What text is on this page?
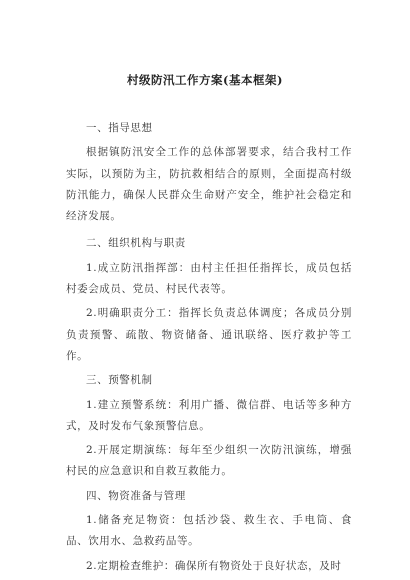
村级防汛工作方案(基本框架)
一、指导思想
根据镇防汛安全工作的总体部署要求，结合我村工作实际，以预防为主，防抗救相结合的原则，全面提高村级防汛能力，确保人民群众生命财产安全，维护社会稳定和经济发展。
二、组织机构与职责
1.成立防汛指挥部：由村主任担任指挥长，成员包括村委会成员、党员、村民代表等。
2.明确职责分工：指挥长负责总体调度；各成员分别负责预警、疏散、物资储备、通讯联络、医疗救护等工作。
三、预警机制
1.建立预警系统：利用广播、微信群、电话等多种方式，及时发布气象预警信息。
2.开展定期演练：每年至少组织一次防汛演练，增强村民的应急意识和自救互救能力。
四、物资准备与管理
1.储备充足物资：包括沙袋、救生衣、手电筒、食品、饮用水、急救药品等。
2.定期检查维护：确保所有物资处于良好状态，及时
